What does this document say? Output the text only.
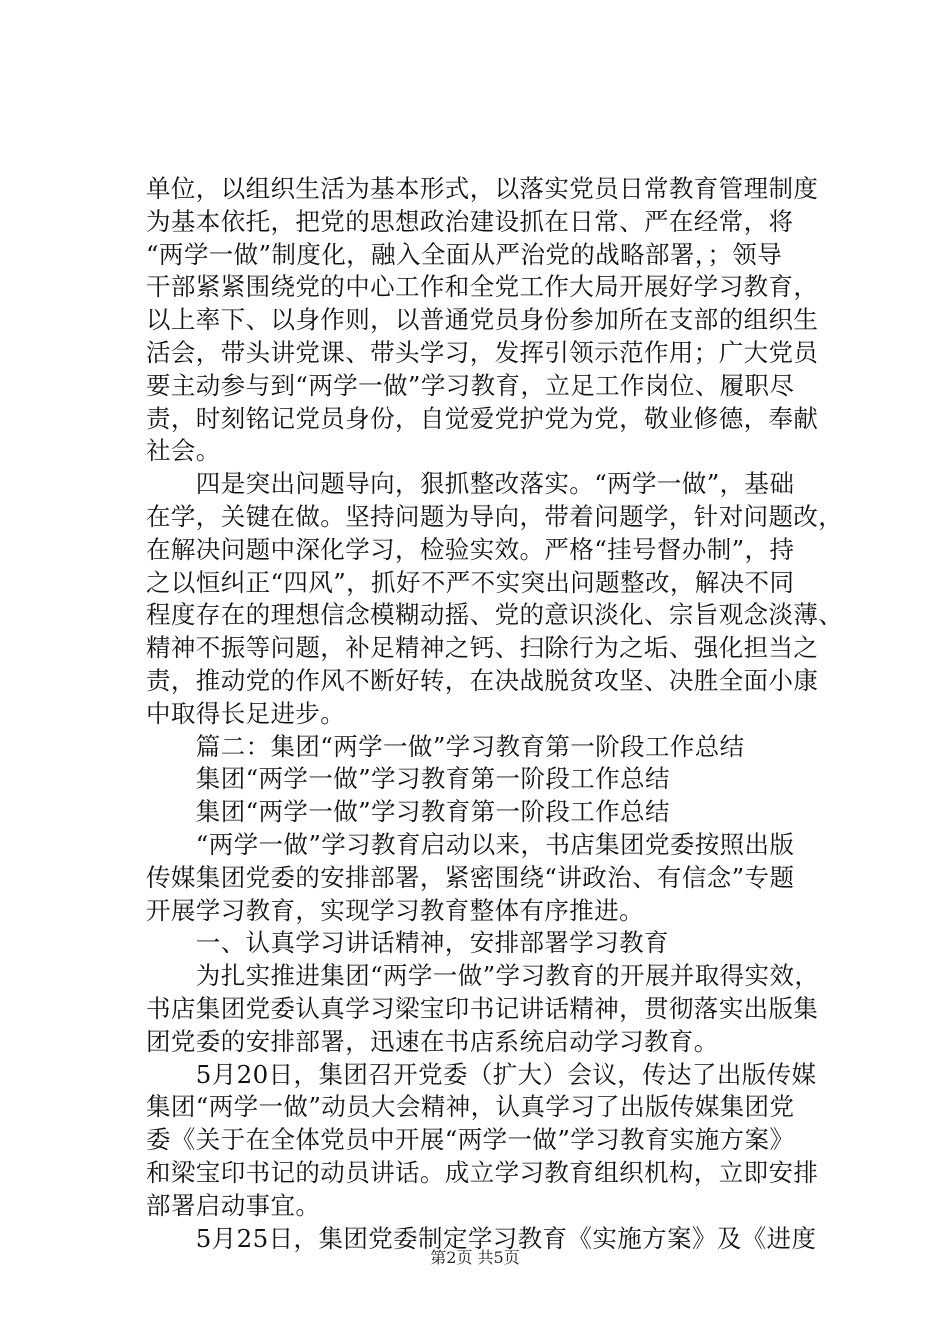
单位，以组织生活为基本形式，以落实党员日常教育管理制度
为基本依托，把党的思想政治建设抓在日常、严在经常，将
“两学一做”制度化，融入全面从严治党的战略部署，；领导
干部紧紧围绕党的中心工作和全党工作大局开展好学习教育，
以上率下、以身作则，以普通党员身份参加所在支部的组织生
活会，带头讲党课、带头学习，发挥引领示范作用；广大党员
要主动参与到“两学一做”学习教育，立足工作岗位、履职尽
责，时刻铭记党员身份，自觉爱党护党为党，敬业修德，奉献
社会。
　　四是突出问题导向，狠抓整改落实。“两学一做”，基础
在学，关键在做。坚持问题为导向，带着问题学，针对问题改，
在解决问题中深化学习，检验实效。严格“挂号督办制”，持
之以恒纠正“四风”，抓好不严不实突出问题整改，解决不同
程度存在的理想信念模糊动摇、党的意识淡化、宗旨观念淡薄、
精神不振等问题，补足精神之钙、扫除行为之垢、强化担当之
责，推动党的作风不断好转，在决战脱贫攻坚、决胜全面小康
中取得长足进步。
　　篇二：集团“两学一做”学习教育第一阶段工作总结
　　集团“两学一做”学习教育第一阶段工作总结
　　集团“两学一做”学习教育第一阶段工作总结
　　“两学一做”学习教育启动以来，书店集团党委按照出版
传媒集团党委的安排部署，紧密围绕“讲政治、有信念”专题
开展学习教育，实现学习教育整体有序推进。
　　一、认真学习讲话精神，安排部署学习教育
　　为扎实推进集团“两学一做”学习教育的开展并取得实效，
书店集团党委认真学习梁宝印书记讲话精神，贯彻落实出版集
团党委的安排部署，迅速在书店系统启动学习教育。
　　5月20日，集团召开党委（扩大）会议，传达了出版传媒
集团“两学一做”动员大会精神，认真学习了出版传媒集团党
委《关于在全体党员中开展“两学一做”学习教育实施方案》
和梁宝印书记的动员讲话。成立学习教育组织机构，立即安排
部署启动事宜。
　　5月25日，集团党委制定学习教育《实施方案》及《进度
第2页 共5页
